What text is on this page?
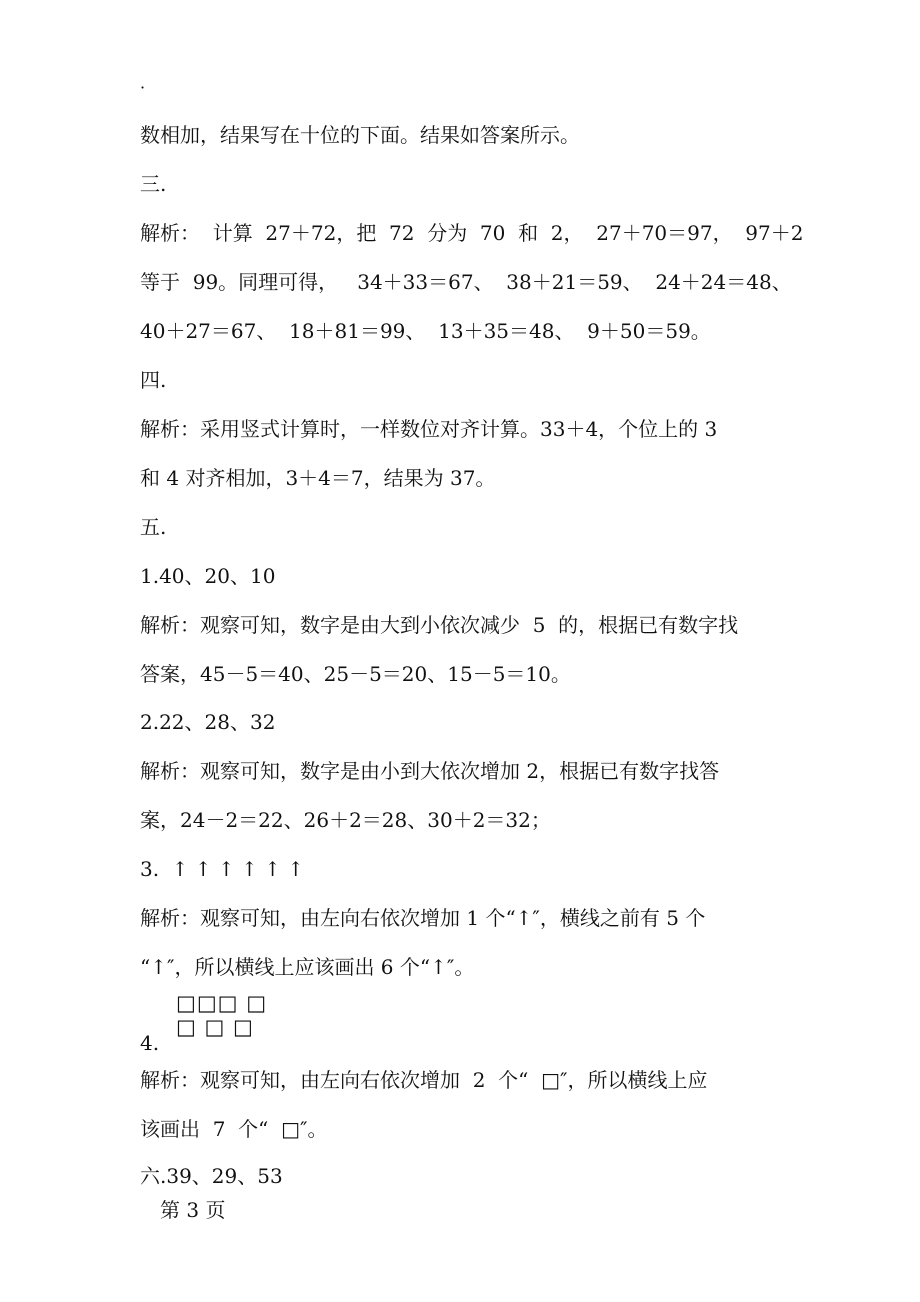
·
数相加，结果写在十位的下面。结果如答案所示。
三.
解析：  计算  27＋72，把  72  分为  70  和  2，  27＋70＝97，  97＋2
等于  99。同理可得，   34＋33＝67、  38＋21＝59、  24＋24＝48、
40＋27＝67、  18＋81＝99、  13＋35＝48、  9＋50＝59。
四.
解析：采用竖式计算时，一样数位对齐计算。33＋4，个位上的 3
和 4 对齐相加，3＋4＝7，结果为 37。
五.
1.40、20、10
解析：观察可知，数字是由大到小依次减少  5  的，根据已有数字找
答案，45－5＝40、25－5＝20、15－5＝10。
2.22、28、32
解析：观察可知，数字是由小到大依次增加 2，根据已有数字找答
案，24－2＝22、26＋2＝28、30＋2＝32；
3.  ↑ ↑ ↑ ↑ ↑ ↑
解析：观察可知，由左向右依次增加 1 个“↑″，横线之前有 5 个
“↑″，所以横线上应该画出 6 个“↑″。
□□□ □
□ □ □
4.
解析：观察可知，由左向右依次增加  2  个“  □″，所以横线上应
该画出  7  个“  □″。
六.39、29、53
第 3 页
